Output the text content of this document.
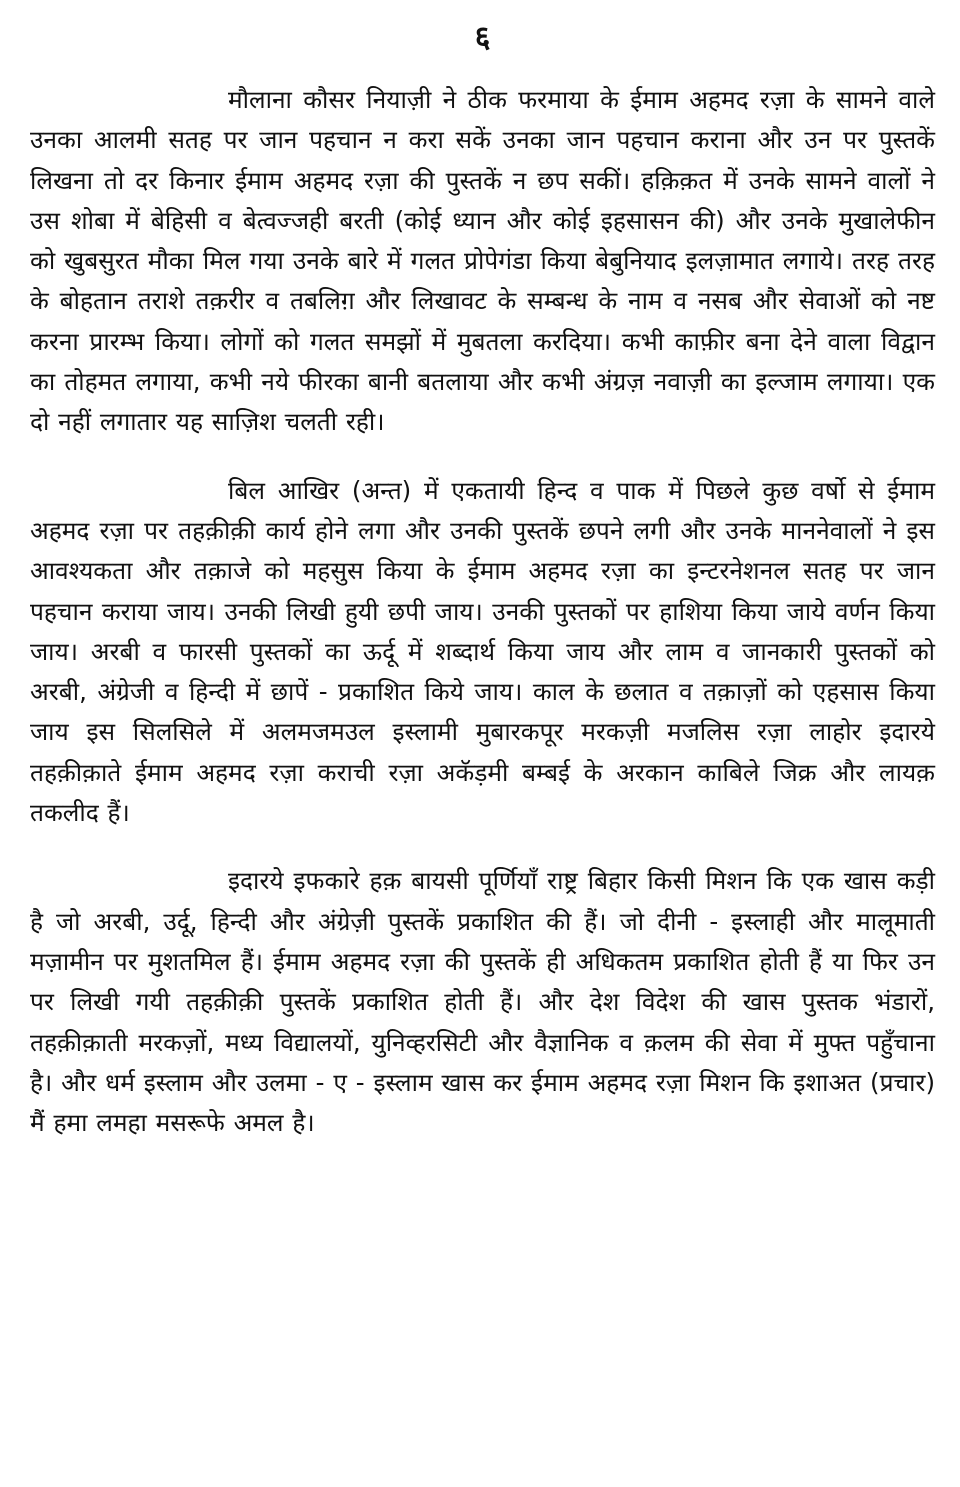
६

मौलाना कौसर नियाज़ी ने ठीक फरमाया के ईमाम अहमद रज़ा के सामने वाले उनका आलमी सतह पर जान पहचान न करा सकें उनका जान पहचान कराना और उन पर पुस्तकें लिखना तो दर किनार ईमाम अहमद रज़ा की पुस्तकें न छप सकीं। हक़िक़त में उनके सामने वालों ने उस शोबा में बेहिसी व बेत्वज्जही बरती (कोई ध्यान और कोई इहसासन की) और उनके मुखालेफीन को खुबसुरत मौका मिल गया उनके बारे में गलत प्रोपेगंडा किया बेबुनियाद इलज़ामात लगाये। तरह तरह के बोहतान तराशे तक़रीर व तबलिग़ और लिखावट के सम्बन्ध के नाम व नसब और सेवाओं को नष्ट करना प्रारम्भ किया। लोगों को गलत समझों में मुबतला करदिया। कभी काफ़ीर बना देने वाला विद्वान का तोहमत लगाया, कभी नये फीरका बानी बतलाया और कभी अंग्रज़ नवाज़ी का इल्जाम लगाया। एक दो नहीं लगातार यह साज़िश चलती रही।

बिल आखिर (अन्त) में एकतायी हिन्द व पाक में पिछले कुछ वर्षो से ईमाम अहमद रज़ा पर तहक़ीक़ी कार्य होने लगा और उनकी पुस्तकें छपने लगी और उनके माननेवालों ने इस आवश्यकता और तक़ाजे को महसुस किया के ईमाम अहमद रज़ा का इन्टरनेशनल सतह पर जान पहचान कराया जाय। उनकी लिखी हुयी छपी जाय। उनकी पुस्तकों पर हाशिया किया जाये वर्णन किया जाय। अरबी व फारसी पुस्तकों का ऊर्दू में शब्दार्थ किया जाय और लाम व जानकारी पुस्तकों को अरबी, अंग्रेजी व हिन्दी में छापें - प्रकाशित किये जाय। काल के छलात व तक़ाज़ों को एहसास किया जाय इस सिलसिले में अलमजमउल इस्लामी मुबारकपूर मरकज़ी मजलिस रज़ा लाहोर इदारये तहक़ीक़ाते ईमाम अहमद रज़ा कराची रज़ा अकॅड़मी बम्बई के अरकान काबिले जिक्र और लायक़ तकलीद हैं।

इदारये इफकारे हक़ बायसी पूर्णियॉं राष्ट्र बिहार किसी मिशन कि एक खास कड़ी है जो अरबी, उर्दू, हिन्दी और अंग्रेज़ी पुस्तकें प्रकाशित की हैं। जो दीनी - इस्लाही और मालूमाती मज़ामीन पर मुशतमिल हैं। ईमाम अहमद रज़ा की पुस्तकें ही अधिकतम प्रकाशित होती हैं या फिर उन पर लिखी गयी तहक़ीक़ी पुस्तकें प्रकाशित होती हैं। और देश विदेश की खास पुस्तक भंडारों, तहक़ीक़ाती मरकज़ों, मध्य विद्यालयों, युनिव्हरसिटी और वैज्ञानिक व क़लम की सेवा में मुफ्त पहुँचाना है। और धर्म इस्लाम और उलमा - ए - इस्लाम खास कर ईमाम अहमद रज़ा मिशन कि इशाअत (प्रचार) मैं हमा लमहा मसरूफे अमल है।
